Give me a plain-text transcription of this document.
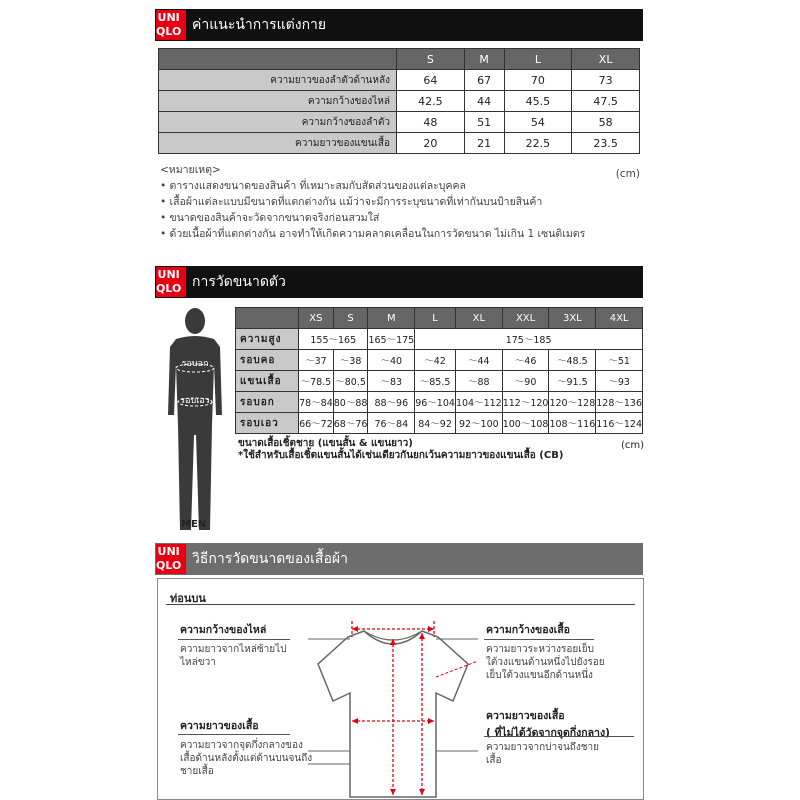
UNI
QLO ค่าแนะนำการแต่งกาย
	S	M	L	XL
ความยาวของลำตัวด้านหลัง	64	67	70	73
ความกว้างของไหล่	42.5	44	45.5	47.5
ความกว้างของลำตัว	48	51	54	58
ความยาวของแขนเสื้อ	20	21	22.5	23.5
<หมายเหตุ>	(cm)
• ตารางแสดงขนาดของสินค้า ที่เหมาะสมกับสัดส่วนของแต่ละบุคคล
• เสื้อผ้าแต่ละแบบมีขนาดที่แตกต่างกัน แม้ว่าจะมีการระบุขนาดที่เท่ากันบนป้ายสินค้า
• ขนาดของสินค้าจะวัดจากขนาดจริงก่อนสวมใส่
• ด้วยเนื้อผ้าที่แตกต่างกัน อาจทำให้เกิดความคลาดเคลื่อนในการวัดขนาด ไม่เกิน 1 เซนติเมตร
UNI
QLO การวัดขนาดตัว
รอบอก
รอบเอว
MEN
	XS	S	M	L	XL	XXL	3XL	4XL
ความสูง	155～165		165～175	175～185				
รอบคอ	～37	～38	～40	～42	～44	～46	～48.5	～51
แขนเสื้อ	～78.5	～80.5	～83	～85.5	～88	～90	～91.5	～93
รอบอก	78～84	80～88	88～96	96～104	104～112	112～120	120～128	128～136
รอบเอว	66～72	68～76	76～84	84～92	92～100	100～108	108～116	116～124
ขนาดเสื้อเชิ้ตชาย (แขนสั้น & แขนยาว)
*ใช้สำหรับเสื้อเชิ้ตแขนสั้นได้เช่นเดียวกันยกเว้นความยาวของแขนเสื้อ (CB)
(cm)
UNI
QLO วิธีการวัดขนาดของเสื้อผ้า
ท่อนบน
ความกว้างของไหล่
ความยาวจากไหล่ซ้ายไป
ไหล่ขวา
ความยาวของเสื้อ
ความยาวจากจุดกึ่งกลางของ
เสื้อด้านหลังตั้งแต่ด้านบนจนถึง
ชายเสื้อ
ความกว้างของเสื้อ
ความยาวระหว่างรอยเย็บ
ใต้วงแขนด้านหนึ่งไปยังรอย
เย็บใต้วงแขนอีกด้านหนึ่ง
ความยาวของเสื้อ
( ที่ไม่ได้วัดจากจุดกึ่งกลาง)
ความยาวจากบ่าจนถึงชาย
เสื้อ
